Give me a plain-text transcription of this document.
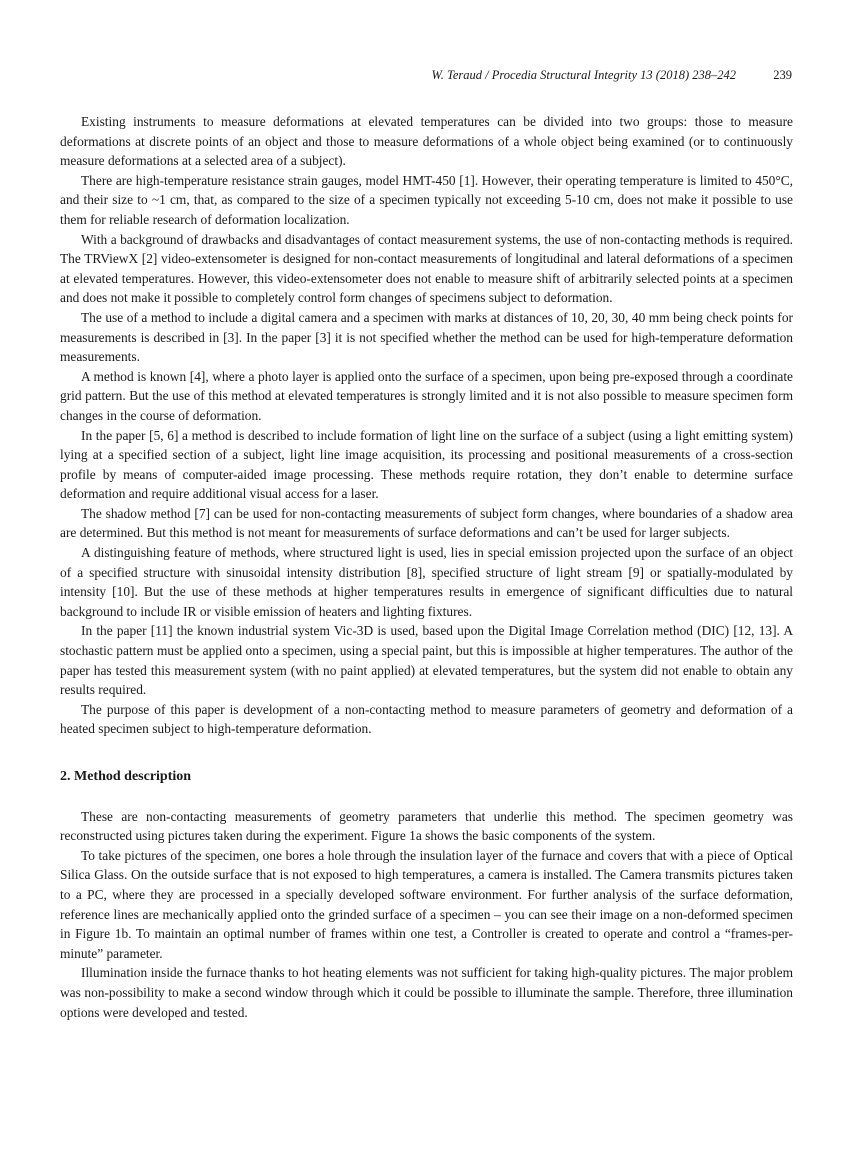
W. Teraud / Procedia Structural Integrity 13 (2018) 238–242	239

Existing instruments to measure deformations at elevated temperatures can be divided into two groups: those to measure deformations at discrete points of an object and those to measure deformations of a whole object being examined (or to continuously measure deformations at a selected area of a subject).

There are high-temperature resistance strain gauges, model HMT-450 [1]. However, their operating temperature is limited to 450°C, and their size to ~1 cm, that, as compared to the size of a specimen typically not exceeding 5-10 cm, does not make it possible to use them for reliable research of deformation localization.

With a background of drawbacks and disadvantages of contact measurement systems, the use of non-contacting methods is required. The TRViewX [2] video-extensometer is designed for non-contact measurements of longitudinal and lateral deformations of a specimen at elevated temperatures. However, this video-extensometer does not enable to measure shift of arbitrarily selected points at a specimen and does not make it possible to completely control form changes of specimens subject to deformation.

The use of a method to include a digital camera and a specimen with marks at distances of 10, 20, 30, 40 mm being check points for measurements is described in [3]. In the paper [3] it is not specified whether the method can be used for high-temperature deformation measurements.

A method is known [4], where a photo layer is applied onto the surface of a specimen, upon being pre-exposed through a coordinate grid pattern. But the use of this method at elevated temperatures is strongly limited and it is not also possible to measure specimen form changes in the course of deformation.

In the paper [5, 6] a method is described to include formation of light line on the surface of a subject (using a light emitting system) lying at a specified section of a subject, light line image acquisition, its processing and positional measurements of a cross-section profile by means of computer-aided image processing. These methods require rotation, they don’t enable to determine surface deformation and require additional visual access for a laser.

The shadow method [7] can be used for non-contacting measurements of subject form changes, where boundaries of a shadow area are determined. But this method is not meant for measurements of surface deformations and can’t be used for larger subjects.

A distinguishing feature of methods, where structured light is used, lies in special emission projected upon the surface of an object of a specified structure with sinusoidal intensity distribution [8], specified structure of light stream [9] or spatially-modulated by intensity [10]. But the use of these methods at higher temperatures results in emergence of significant difficulties due to natural background to include IR or visible emission of heaters and lighting fixtures.

In the paper [11] the known industrial system Vic-3D is used, based upon the Digital Image Correlation method (DIC) [12, 13]. A stochastic pattern must be applied onto a specimen, using a special paint, but this is impossible at higher temperatures. The author of the paper has tested this measurement system (with no paint applied) at elevated temperatures, but the system did not enable to obtain any results required.

The purpose of this paper is development of a non-contacting method to measure parameters of geometry and deformation of a heated specimen subject to high-temperature deformation.

2. Method description

These are non-contacting measurements of geometry parameters that underlie this method. The specimen geometry was reconstructed using pictures taken during the experiment. Figure 1a shows the basic components of the system.

To take pictures of the specimen, one bores a hole through the insulation layer of the furnace and covers that with a piece of Optical Silica Glass. On the outside surface that is not exposed to high temperatures, a camera is installed. The Camera transmits pictures taken to a PC, where they are processed in a specially developed software environment. For further analysis of the surface deformation, reference lines are mechanically applied onto the grinded surface of a specimen – you can see their image on a non-deformed specimen in Figure 1b. To maintain an optimal number of frames within one test, a Controller is created to operate and control a “frames-per-minute” parameter.

Illumination inside the furnace thanks to hot heating elements was not sufficient for taking high-quality pictures. The major problem was non-possibility to make a second window through which it could be possible to illuminate the sample. Therefore, three illumination options were developed and tested.
